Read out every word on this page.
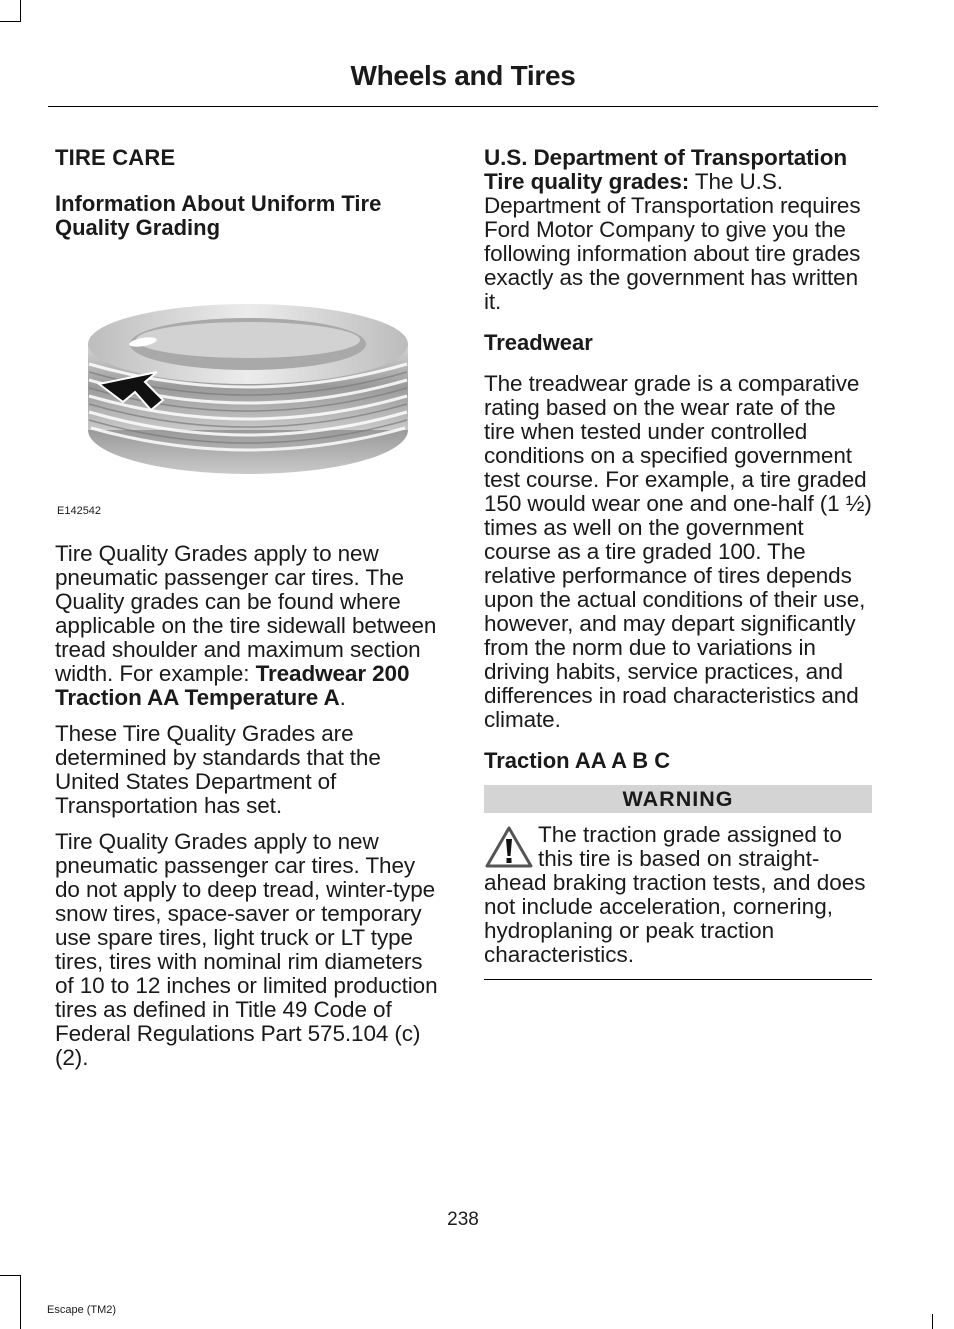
Wheels and Tires
TIRE CARE
Information About Uniform Tire Quality Grading
E142542

Tire Quality Grades apply to new pneumatic passenger car tires. The Quality grades can be found where applicable on the tire sidewall between tread shoulder and maximum section width. For example: Treadwear 200 Traction AA Temperature A.

These Tire Quality Grades are determined by standards that the United States Department of Transportation has set.

Tire Quality Grades apply to new pneumatic passenger car tires. They do not apply to deep tread, winter-type snow tires, space-saver or temporary use spare tires, light truck or LT type tires, tires with nominal rim diameters of 10 to 12 inches or limited production tires as defined in Title 49 Code of Federal Regulations Part 575.104 (c)(2).

U.S. Department of Transportation Tire quality grades: The U.S. Department of Transportation requires Ford Motor Company to give you the following information about tire grades exactly as the government has written it.

Treadwear

The treadwear grade is a comparative rating based on the wear rate of the tire when tested under controlled conditions on a specified government test course. For example, a tire graded 150 would wear one and one-half (1 ½) times as well on the government course as a tire graded 100. The relative performance of tires depends upon the actual conditions of their use, however, and may depart significantly from the norm due to variations in driving habits, service practices, and differences in road characteristics and climate.

Traction AA A B C
WARNING
The traction grade assigned to this tire is based on straight-ahead braking traction tests, and does not include acceleration, cornering, hydroplaning or peak traction characteristics.
238
Escape (TM2)
